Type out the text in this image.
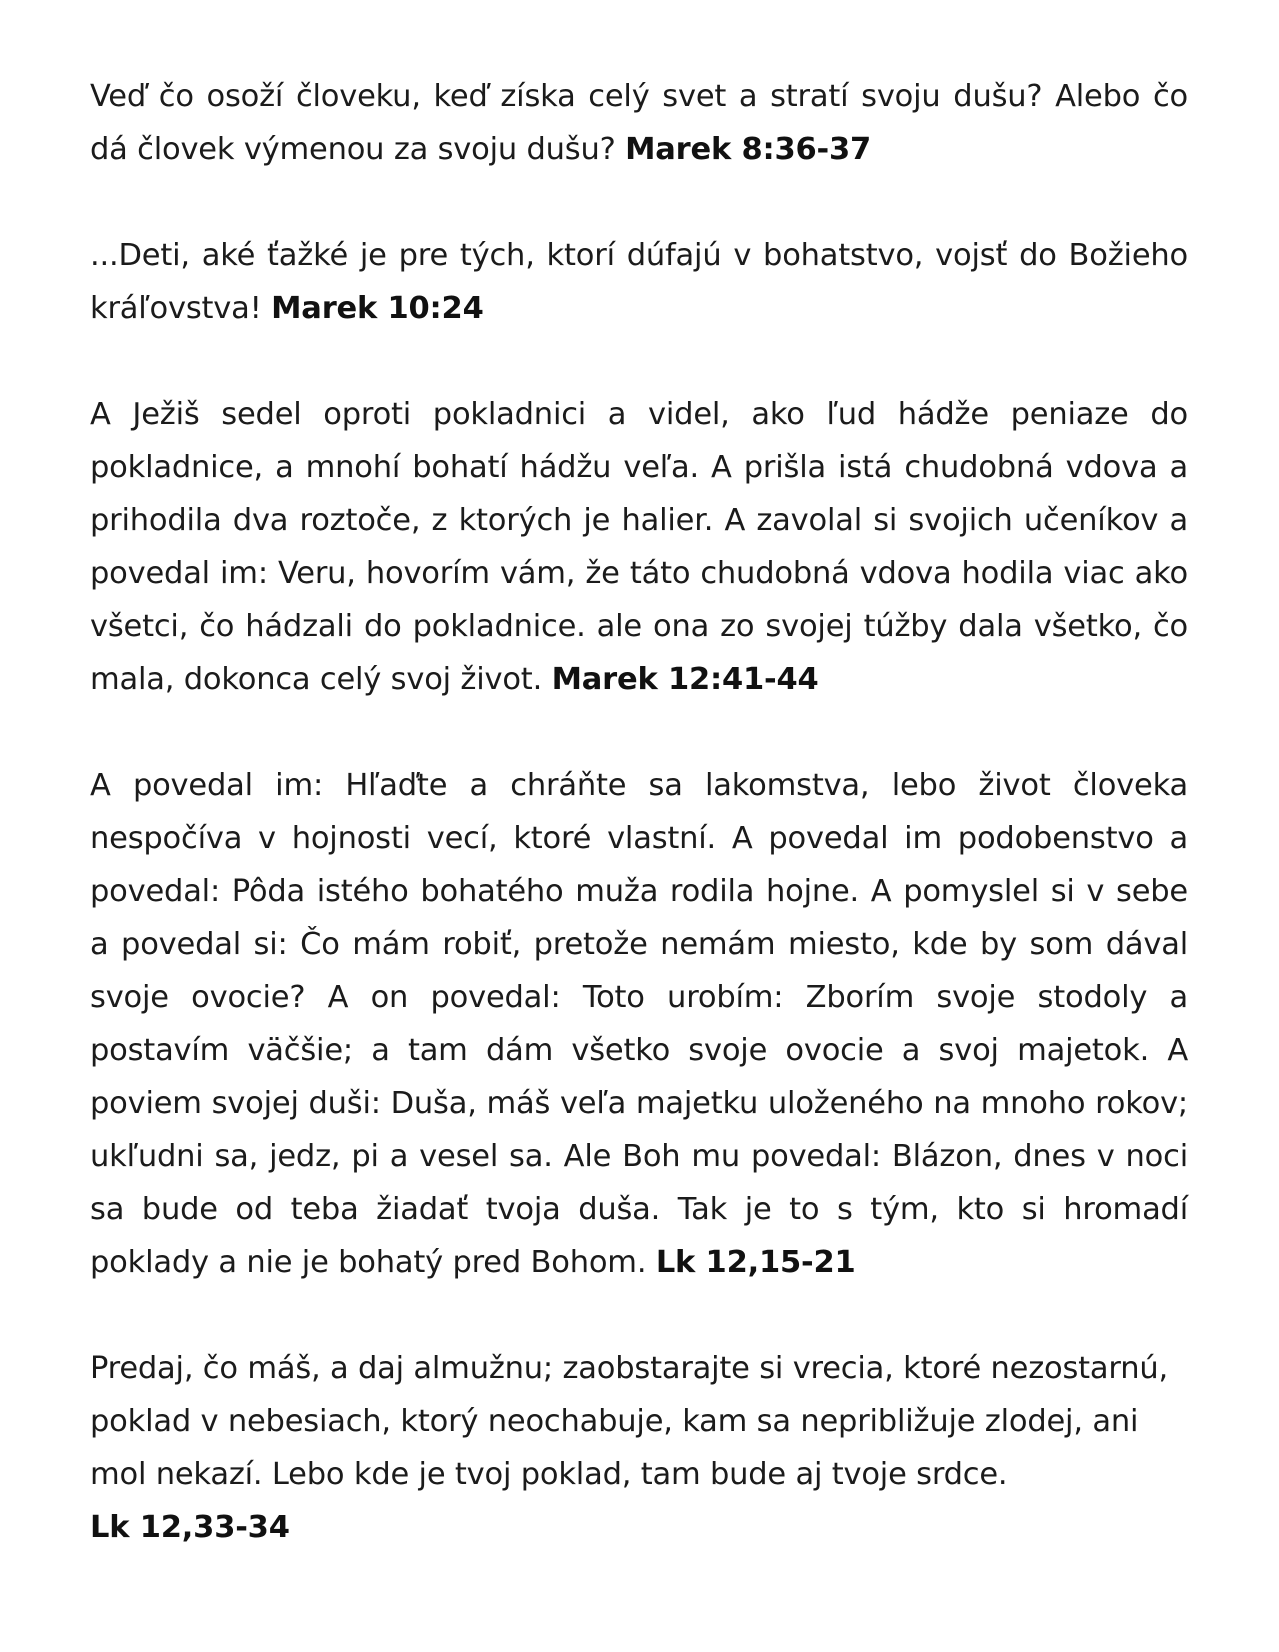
Veď čo osoží človeku, keď získa celý svet a stratí svoju dušu? Alebo čo dá človek výmenou za svoju dušu? Marek 8:36-37

...Deti, aké ťažké je pre tých, ktorí dúfajú v bohatstvo, vojsť do Božieho kráľovstva! Marek 10:24

A Ježiš sedel oproti pokladnici a videl, ako ľud hádže peniaze do pokladnice, a mnohí bohatí hádžu veľa. A prišla istá chudobná vdova a prihodila dva roztoče, z ktorých je halier. A zavolal si svojich učeníkov a povedal im: Veru, hovorím vám, že táto chudobná vdova hodila viac ako všetci, čo hádzali do pokladnice. ale ona zo svojej túžby dala všetko, čo mala, dokonca celý svoj život. Marek 12:41-44

A povedal im: Hľaďte a chráňte sa lakomstva, lebo život človeka nespočíva v hojnosti vecí, ktoré vlastní. A povedal im podobenstvo a povedal: Pôda istého bohatého muža rodila hojne. A pomyslel si v sebe a povedal si: Čo mám robiť, pretože nemám miesto, kde by som dával svoje ovocie? A on povedal: Toto urobím: Zborím svoje stodoly a postavím väčšie; a tam dám všetko svoje ovocie a svoj majetok. A poviem svojej duši: Duša, máš veľa majetku uloženého na mnoho rokov; ukľudni sa, jedz, pi a vesel sa. Ale Boh mu povedal: Blázon, dnes v noci sa bude od teba žiadať tvoja duša. Tak je to s tým, kto si hromadí poklady a nie je bohatý pred Bohom. Lk 12,15-21

Predaj, čo máš, a daj almužnu; zaobstarajte si vrecia, ktoré nezostarnú, poklad v nebesiach, ktorý neochabuje, kam sa nepribližuje zlodej, ani mol nekazí. Lebo kde je tvoj poklad, tam bude aj tvoje srdce.
Lk 12,33-34
